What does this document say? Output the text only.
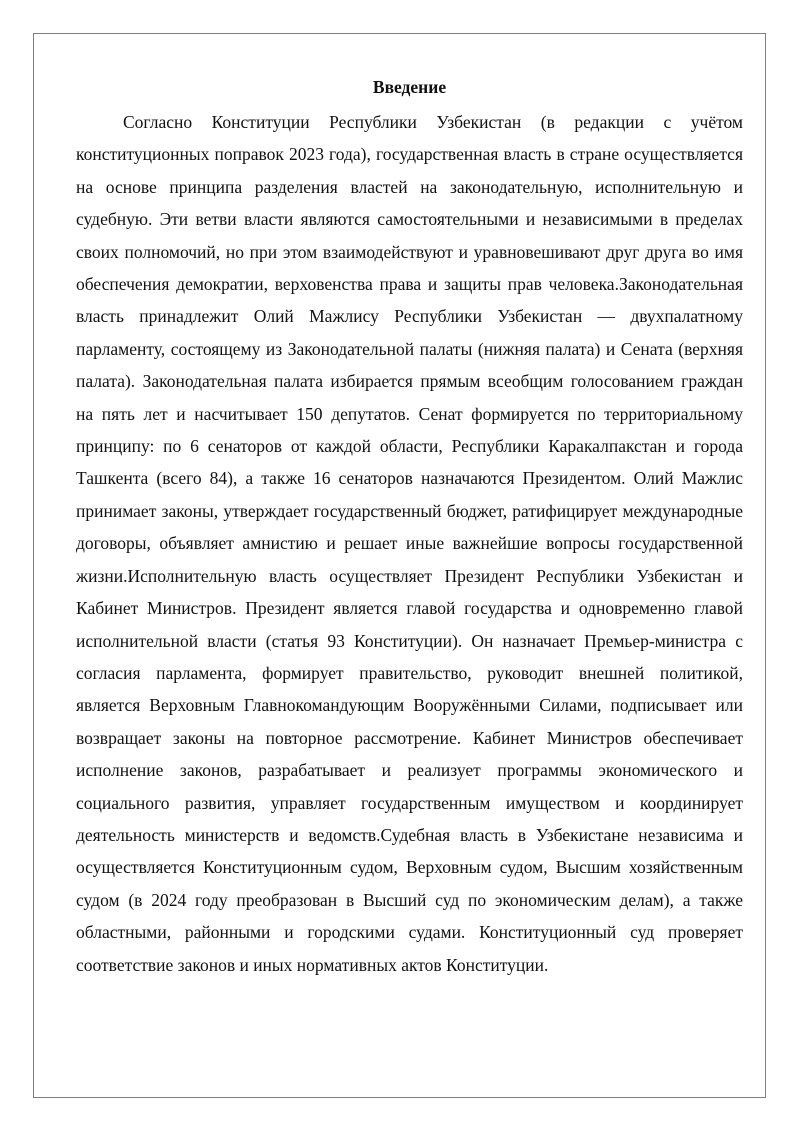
Введение

Согласно Конституции Республики Узбекистан (в редакции с учётом конституционных поправок 2023 года), государственная власть в стране осуществляется на основе принципа разделения властей на законодательную, исполнительную и судебную. Эти ветви власти являются самостоятельными и независимыми в пределах своих полномочий, но при этом взаимодействуют и уравновешивают друг друга во имя обеспечения демократии, верховенства права и защиты прав человека.Законодательная власть принадлежит Олий Мажлису Республики Узбекистан — двухпалатному парламенту, состоящему из Законодательной палаты (нижняя палата) и Сената (верхняя палата). Законодательная палата избирается прямым всеобщим голосованием граждан на пять лет и насчитывает 150 депутатов. Сенат формируется по территориальному принципу: по 6 сенаторов от каждой области, Республики Каракалпакстан и города Ташкента (всего 84), а также 16 сенаторов назначаются Президентом. Олий Мажлис принимает законы, утверждает государственный бюджет, ратифицирует международные договоры, объявляет амнистию и решает иные важнейшие вопросы государственной жизни.Исполнительную власть осуществляет Президент Республики Узбекистан и Кабинет Министров. Президент является главой государства и одновременно главой исполнительной власти (статья 93 Конституции). Он назначает Премьер-министра с согласия парламента, формирует правительство, руководит внешней политикой, является Верховным Главнокомандующим Вооружёнными Силами, подписывает или возвращает законы на повторное рассмотрение. Кабинет Министров обеспечивает исполнение законов, разрабатывает и реализует программы экономического и социального развития, управляет государственным имуществом и координирует деятельность министерств и ведомств.Судебная власть в Узбекистане независима и осуществляется Конституционным судом, Верховным судом, Высшим хозяйственным судом (в 2024 году преобразован в Высший суд по экономическим делам), а также областными, районными и городскими судами. Конституционный суд проверяет соответствие законов и иных нормативных актов Конституции.
